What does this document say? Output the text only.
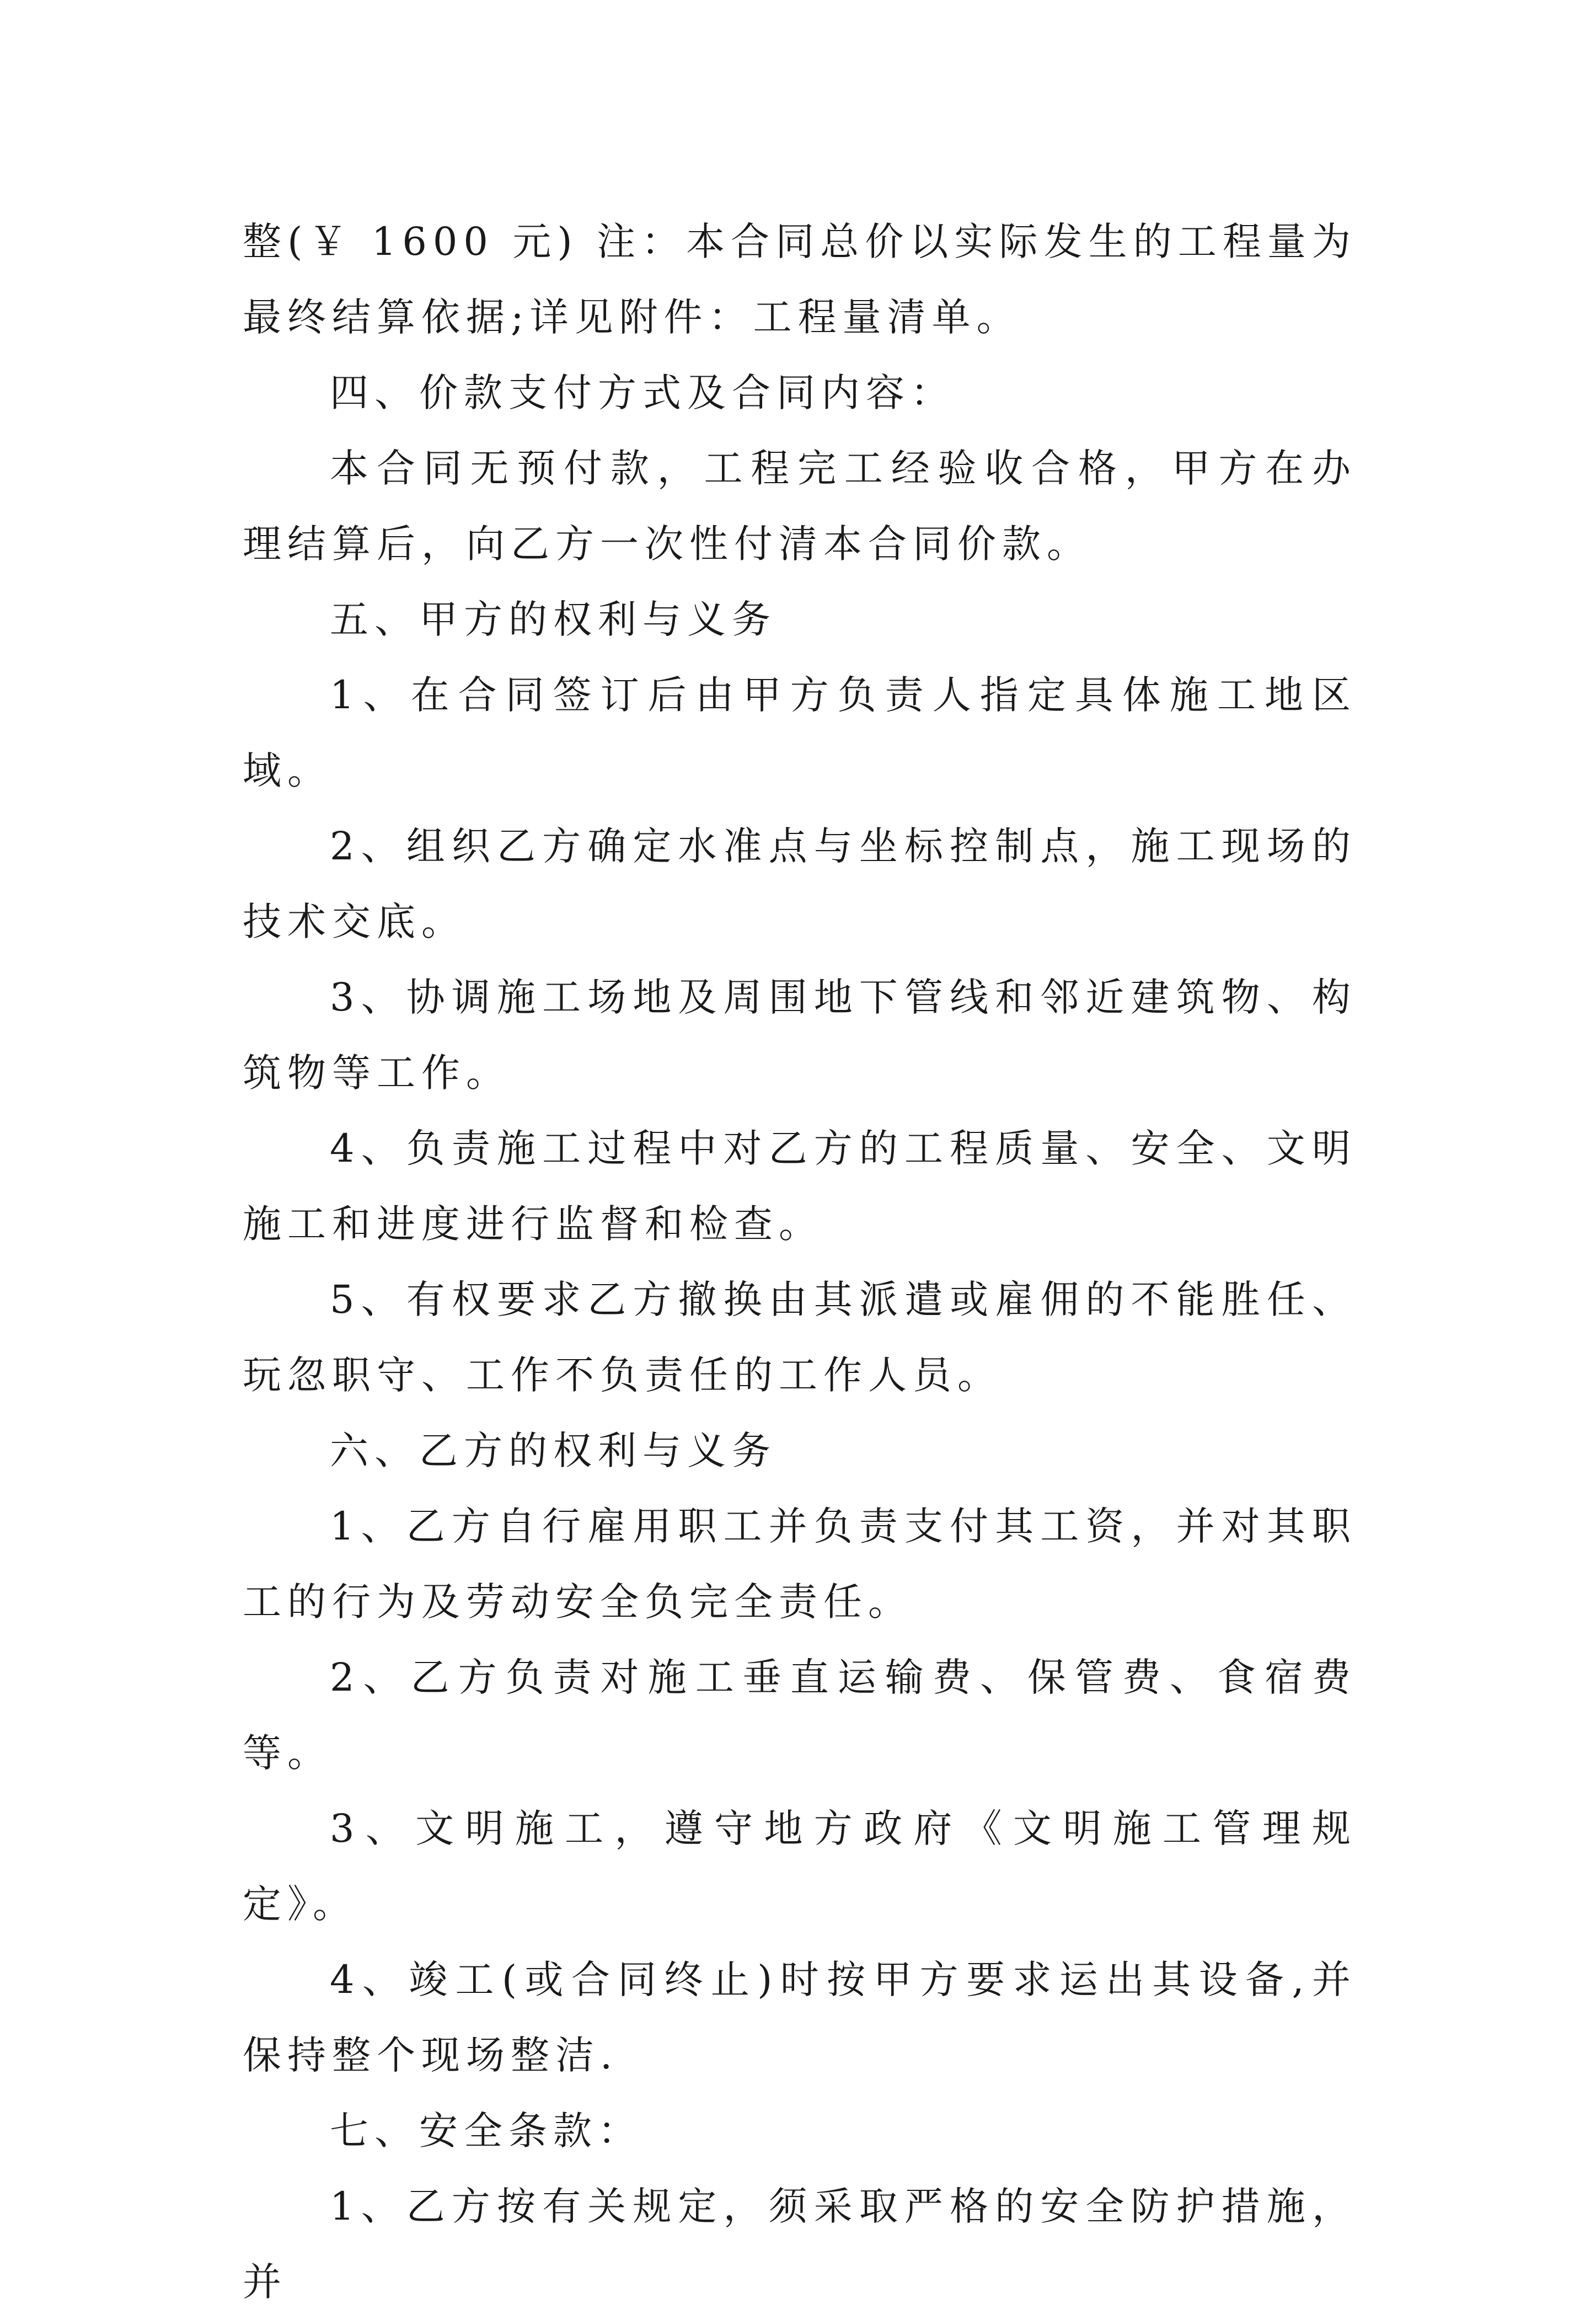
整(￥ 1600 元) 注：本合同总价以实际发生的工程量为最终结算依据;详见附件：工程量清单。

四、价款支付方式及合同内容：

本合同无预付款，工程完工经验收合格，甲方在办理结算后，向乙方一次性付清本合同价款。

五、甲方的权利与义务

1、在合同签订后由甲方负责人指定具体施工地区域。

2、组织乙方确定水准点与坐标控制点，施工现场的技术交底。

3、协调施工场地及周围地下管线和邻近建筑物、构筑物等工作。

4、负责施工过程中对乙方的工程质量、安全、文明施工和进度进行监督和检查。

5、有权要求乙方撤换由其派遣或雇佣的不能胜任、玩忽职守、工作不负责任的工作人员。

六、乙方的权利与义务

1、乙方自行雇用职工并负责支付其工资，并对其职工的行为及劳动安全负完全责任。

2、乙方负责对施工垂直运输费、保管费、食宿费等。

3、文明施工，遵守地方政府《文明施工管理规定》。

4、竣工(或合同终止)时按甲方要求运出其设备,并保持整个现场整洁.

七、安全条款：

1、乙方按有关规定，须采取严格的安全防护措施，并
